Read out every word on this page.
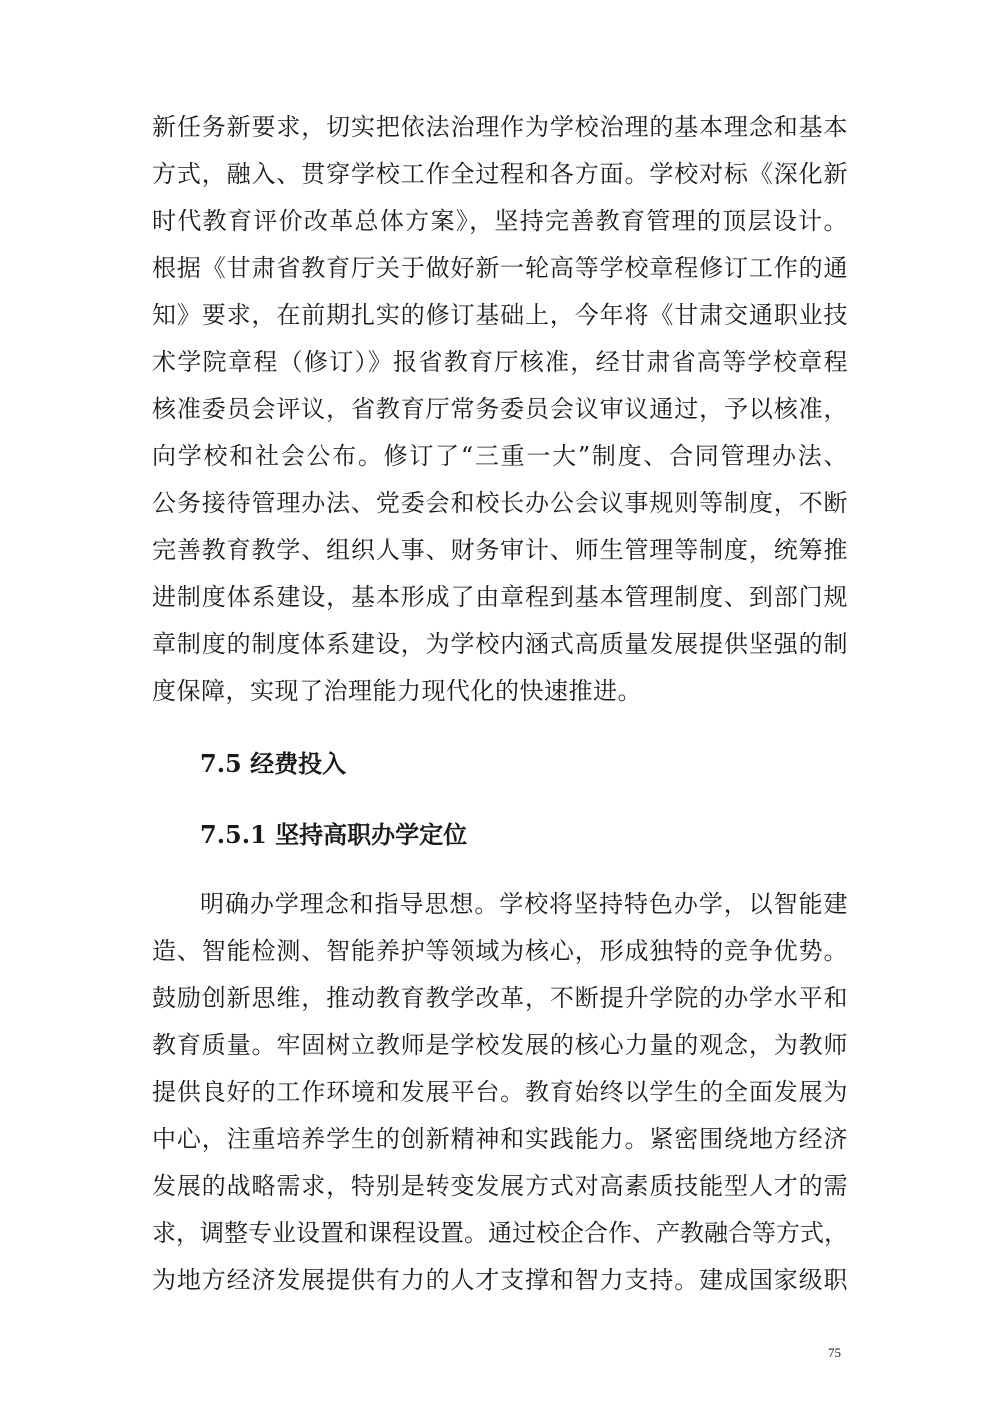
新任务新要求，切实把依法治理作为学校治理的基本理念和基本
方式，融入、贯穿学校工作全过程和各方面。学校对标《深化新
时代教育评价改革总体方案》，坚持完善教育管理的顶层设计。
根据《甘肃省教育厅关于做好新一轮高等学校章程修订工作的通
知》要求，在前期扎实的修订基础上，今年将《甘肃交通职业技
术学院章程（修订）》报省教育厅核准，经甘肃省高等学校章程
核准委员会评议，省教育厅常务委员会议审议通过，予以核准，
向学校和社会公布。修订了“三重一大”制度、合同管理办法、
公务接待管理办法、党委会和校长办公会议事规则等制度，不断
完善教育教学、组织人事、财务审计、师生管理等制度，统筹推
进制度体系建设，基本形成了由章程到基本管理制度、到部门规
章制度的制度体系建设，为学校内涵式高质量发展提供坚强的制
度保障，实现了治理能力现代化的快速推进。
7.5 经费投入
7.5.1 坚持高职办学定位
明确办学理念和指导思想。学校将坚持特色办学，以智能建
造、智能检测、智能养护等领域为核心，形成独特的竞争优势。
鼓励创新思维，推动教育教学改革，不断提升学院的办学水平和
教育质量。牢固树立教师是学校发展的核心力量的观念，为教师
提供良好的工作环境和发展平台。教育始终以学生的全面发展为
中心，注重培养学生的创新精神和实践能力。紧密围绕地方经济
发展的战略需求，特别是转变发展方式对高素质技能型人才的需
求，调整专业设置和课程设置。通过校企合作、产教融合等方式，
为地方经济发展提供有力的人才支撑和智力支持。建成国家级职
75
